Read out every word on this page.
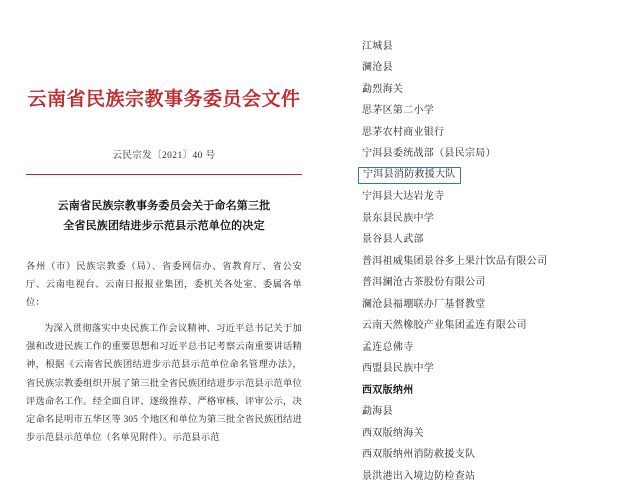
云南省民族宗教事务委员会文件
云民宗发〔2021〕40 号
云南省民族宗教事务委员会关于命名第三批
全省民族团结进步示范县示范单位的决定

各州（市）民族宗教委（局）、省委网信办、省教育厅、省公安厅、云南电视台、云南日报报业集团，委机关各处室、委属各单位：

为深入贯彻落实中央民族工作会议精神、习近平总书记关于加强和改进民族工作的重要思想和习近平总书记考察云南重要讲话精神，根据《云南省民族团结进步示范县示范单位命名管理办法》，省民族宗教委组织开展了第三批全省民族团结进步示范县示范单位评选命名工作。经全面自评、逐级推荐、严格审核、评审公示，决定命名昆明市五华区等 305 个地区和单位为第三批全省民族团结进步示范县示范单位（名单见附件）。示范县示范

江城县
澜沧县
勐烈海关
思茅区第二小学
思茅农村商业银行
宁洱县委统战部（县民宗局）
宁洱县消防救援大队
宁洱县大达岩龙寺
景东县民族中学
景谷县人武部
普洱祖威集团景谷多上果汁饮品有限公司
普洱澜沧古茶股份有限公司
澜沧县福堋联办厂基督教堂
云南天然橡胶产业集团孟连有限公司
孟连总佛寺
西盟县民族中学
西双版纳州
勐海县
西双版纳海关
西双版纳州消防救援支队
景洪港出入境边防检查站
